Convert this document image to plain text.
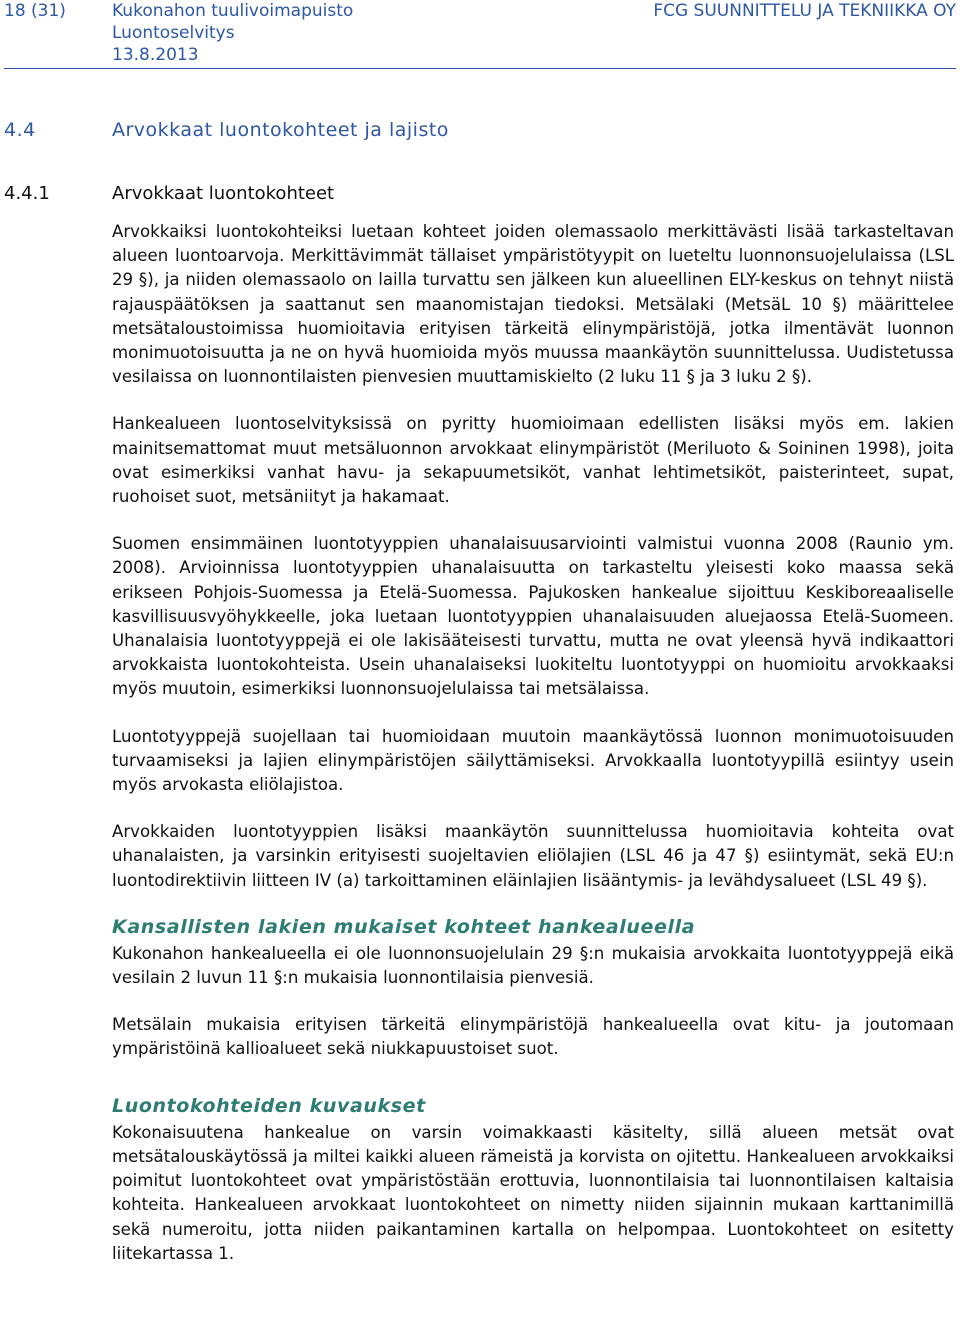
18 (31)	Kukonahon tuulivoimapuisto
Luontoselvitys
13.8.2013
FCG SUUNNITTELU JA TEKNIIKKA OY
4.4	Arvokkaat luontokohteet ja lajisto
4.4.1	Arvokkaat luontokohteet

Arvokkaiksi luontokohteiksi luetaan kohteet joiden olemassaolo merkittävästi lisää tarkasteltavan alueen luontoarvoja. Merkittävimmät tällaiset ympäristötyypit on lueteltu luonnonsuojelulaissa (LSL 29 §), ja niiden olemassaolo on lailla turvattu sen jälkeen kun alueellinen ELY-keskus on tehnyt niistä rajauspäätöksen ja saattanut sen maanomistajan tiedoksi. Metsälaki (MetsäL 10 §) määrittelee metsätaloustoimissa huomioitavia erityisen tärkeitä elinympäristöjä, jotka ilmentävät luonnon monimuotoisuutta ja ne on hyvä huomioida myös muussa maankäytön suunnittelussa. Uudistetussa vesilaissa on luonnontilaisten pienvesien muuttamiskielto (2 luku 11 § ja 3 luku 2 §).

Hankealueen luontoselvityksissä on pyritty huomioimaan edellisten lisäksi myös em. lakien mainitsemattomat muut metsäluonnon arvokkaat elinympäristöt (Meriluoto & Soininen 1998), joita ovat esimerkiksi vanhat havu- ja sekapuumetsiköt, vanhat lehtimetsiköt, paisterinteet, supat, ruohoiset suot, metsäniityt ja hakamaat.

Suomen ensimmäinen luontotyyppien uhanalaisuusarviointi valmistui vuonna 2008 (Raunio ym. 2008). Arvioinnissa luontotyyppien uhanalaisuutta on tarkasteltu yleisesti koko maassa sekä erikseen Pohjois-Suomessa ja Etelä-Suomessa. Pajukosken hankealue sijoittuu Keskiboreaaliselle kasvillisuusvyöhykkeelle, joka luetaan luontotyyppien uhanalaisuuden aluejaossa Etelä-Suomeen. Uhanalaisia luontotyyppejä ei ole lakisääteisesti turvattu, mutta ne ovat yleensä hyvä indikaattori arvokkaista luontokohteista. Usein uhanalaiseksi luokiteltu luontotyyppi on huomioitu arvokkaaksi myös muutoin, esimerkiksi luonnonsuojelulaissa tai metsälaissa.

Luontotyyppejä suojellaan tai huomioidaan muutoin maankäytössä luonnon monimuotoisuuden turvaamiseksi ja lajien elinympäristöjen säilyttämiseksi. Arvokkaalla luontotyypillä esiintyy usein myös arvokasta eliölajistoa.

Arvokkaiden luontotyyppien lisäksi maankäytön suunnittelussa huomioitavia kohteita ovat uhanalaisten, ja varsinkin erityisesti suojeltavien eliölajien (LSL 46 ja 47 §) esiintymät, sekä EU:n luontodirektiivin liitteen IV (a) tarkoittaminen eläinlajien lisääntymis- ja levähdysalueet (LSL 49 §).

Kansallisten lakien mukaiset kohteet hankealueella

Kukonahon hankealueella ei ole luonnonsuojelulain 29 §:n mukaisia arvokkaita luontotyyppejä eikä vesilain 2 luvun 11 §:n mukaisia luonnontilaisia pienvesiä.

Metsälain mukaisia erityisen tärkeitä elinympäristöjä hankealueella ovat kitu- ja joutomaan ympäristöinä kallioalueet sekä niukkapuustoiset suot.

Luontokohteiden kuvaukset

Kokonaisuutena hankealue on varsin voimakkaasti käsitelty, sillä alueen metsät ovat metsätalouskäytössä ja miltei kaikki alueen rämeistä ja korvista on ojitettu. Hankealueen arvokkaiksi poimitut luontokohteet ovat ympäristöstään erottuvia, luonnontilaisia tai luonnontilaisen kaltaisia kohteita. Hankealueen arvokkaat luontokohteet on nimetty niiden sijainnin mukaan karttanimillä sekä numeroitu, jotta niiden paikantaminen kartalla on helpompaa. Luontokohteet on esitetty liitekartassa 1.
